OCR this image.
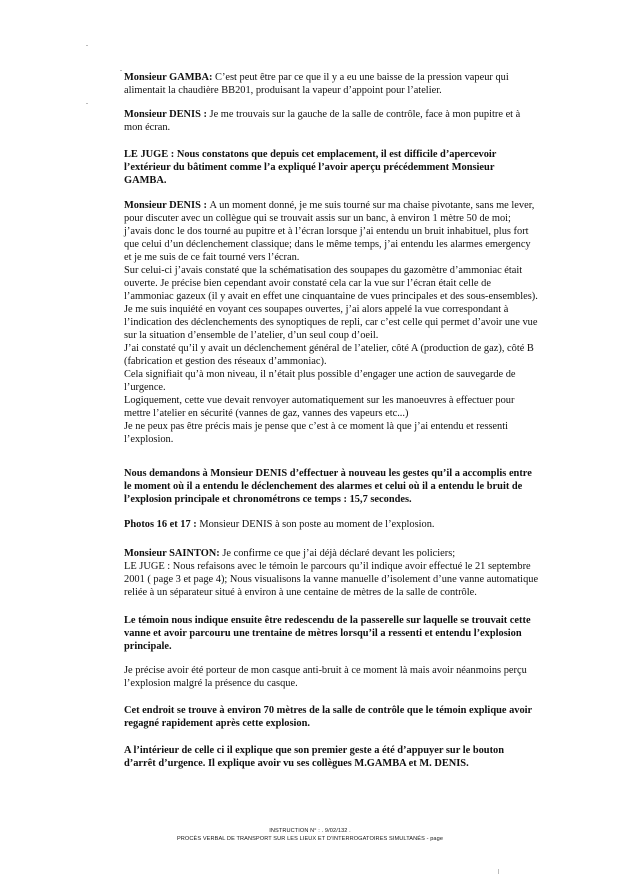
Monsieur GAMBA: C’est peut être par ce que il y a eu une baisse de la pression vapeur qui
alimentait la chaudière BB201, produisant la vapeur d’appoint pour l’atelier.

Monsieur DENIS : Je me trouvais sur la gauche de la salle de contrôle, face à mon pupitre et à
mon écran.

LE JUGE : Nous constatons que depuis cet emplacement, il est difficile d’apercevoir
l’extérieur du bâtiment comme l’a expliqué l’avoir aperçu précédemment Monsieur
GAMBA.

Monsieur DENIS : A un moment donné, je me suis tourné sur ma chaise pivotante, sans me lever,
pour discuter avec un collègue qui se trouvait assis sur un banc, à environ 1 mètre 50 de moi;
j’avais donc le dos tourné au pupitre et à l’écran lorsque j’ai entendu un bruit inhabituel, plus fort
que celui d’un déclenchement classique; dans le même temps, j’ai entendu les alarmes emergency
et je me suis de ce fait tourné vers l’écran.
Sur celui-ci j’avais constaté que la schématisation des soupapes du gazomètre d’ammoniac était
ouverte. Je précise bien cependant avoir constaté cela car la vue sur l’écran était celle de
l’ammoniac gazeux (il y avait en effet une cinquantaine de vues principales et des sous-ensembles).
Je me suis inquiété en voyant ces soupapes ouvertes, j’ai alors appelé la vue correspondant à
l’indication des déclenchements des synoptiques de repli, car c’est celle qui permet d’avoir une vue
sur la situation d’ensemble de l’atelier, d’un seul coup d’oeil.
J’ai constaté qu’il y avait un déclenchement général de l’atelier, côté A (production de gaz), côté B
(fabrication et gestion des réseaux d’ammoniac).
Cela signifiait qu’à mon niveau, il n’était plus possible d’engager une action de sauvegarde de
l’urgence.
Logiquement, cette vue devait renvoyer automatiquement sur les manoeuvres à effectuer pour
mettre l’atelier en sécurité (vannes de gaz, vannes des vapeurs etc...)
Je ne peux pas être précis mais je pense que c’est à ce moment là que j’ai entendu et ressenti
l’explosion.

Nous demandons à Monsieur DENIS d’effectuer à nouveau les gestes qu’il a accomplis entre
le moment où il a entendu le déclenchement des alarmes et celui où il a entendu le bruit de
l’explosion principale et chronométrons ce temps : 15,7 secondes.

Photos 16 et 17 : Monsieur DENIS à son poste au moment de l’explosion.

Monsieur SAINTON: Je confirme ce que j’ai déjà déclaré devant les policiers;
LE JUGE : Nous refaisons avec le témoin le parcours qu’il indique avoir effectué le 21 septembre
2001 ( page 3 et page 4); Nous visualisons la vanne manuelle d’isolement d’une vanne automatique
reliée à un séparateur situé à environ à une centaine de mètres de la salle de contrôle.

Le témoin nous indique ensuite être redescendu de la passerelle sur laquelle se trouvait cette
vanne et avoir parcouru une trentaine de mètres lorsqu’il a ressenti et entendu l’explosion
principale.

Je précise avoir été porteur de mon casque anti-bruit à ce moment là mais avoir néanmoins perçu
l’explosion malgré la présence du casque.

Cet endroit se trouve à environ 70 mètres de la salle de contrôle que le témoin explique avoir
regagné rapidement après cette explosion.

A l’intérieur de celle ci il explique que son premier geste a été d’appuyer sur le bouton
d’arrêt d’urgence. Il explique avoir vu ses collègues M.GAMBA et M. DENIS.

INSTRUCTION N° : . 9/02/132 .
PROCÈS VERBAL DE TRANSPORT SUR LES LIEUX ET D’INTERROGATOIRES SIMULTANÉS - page
